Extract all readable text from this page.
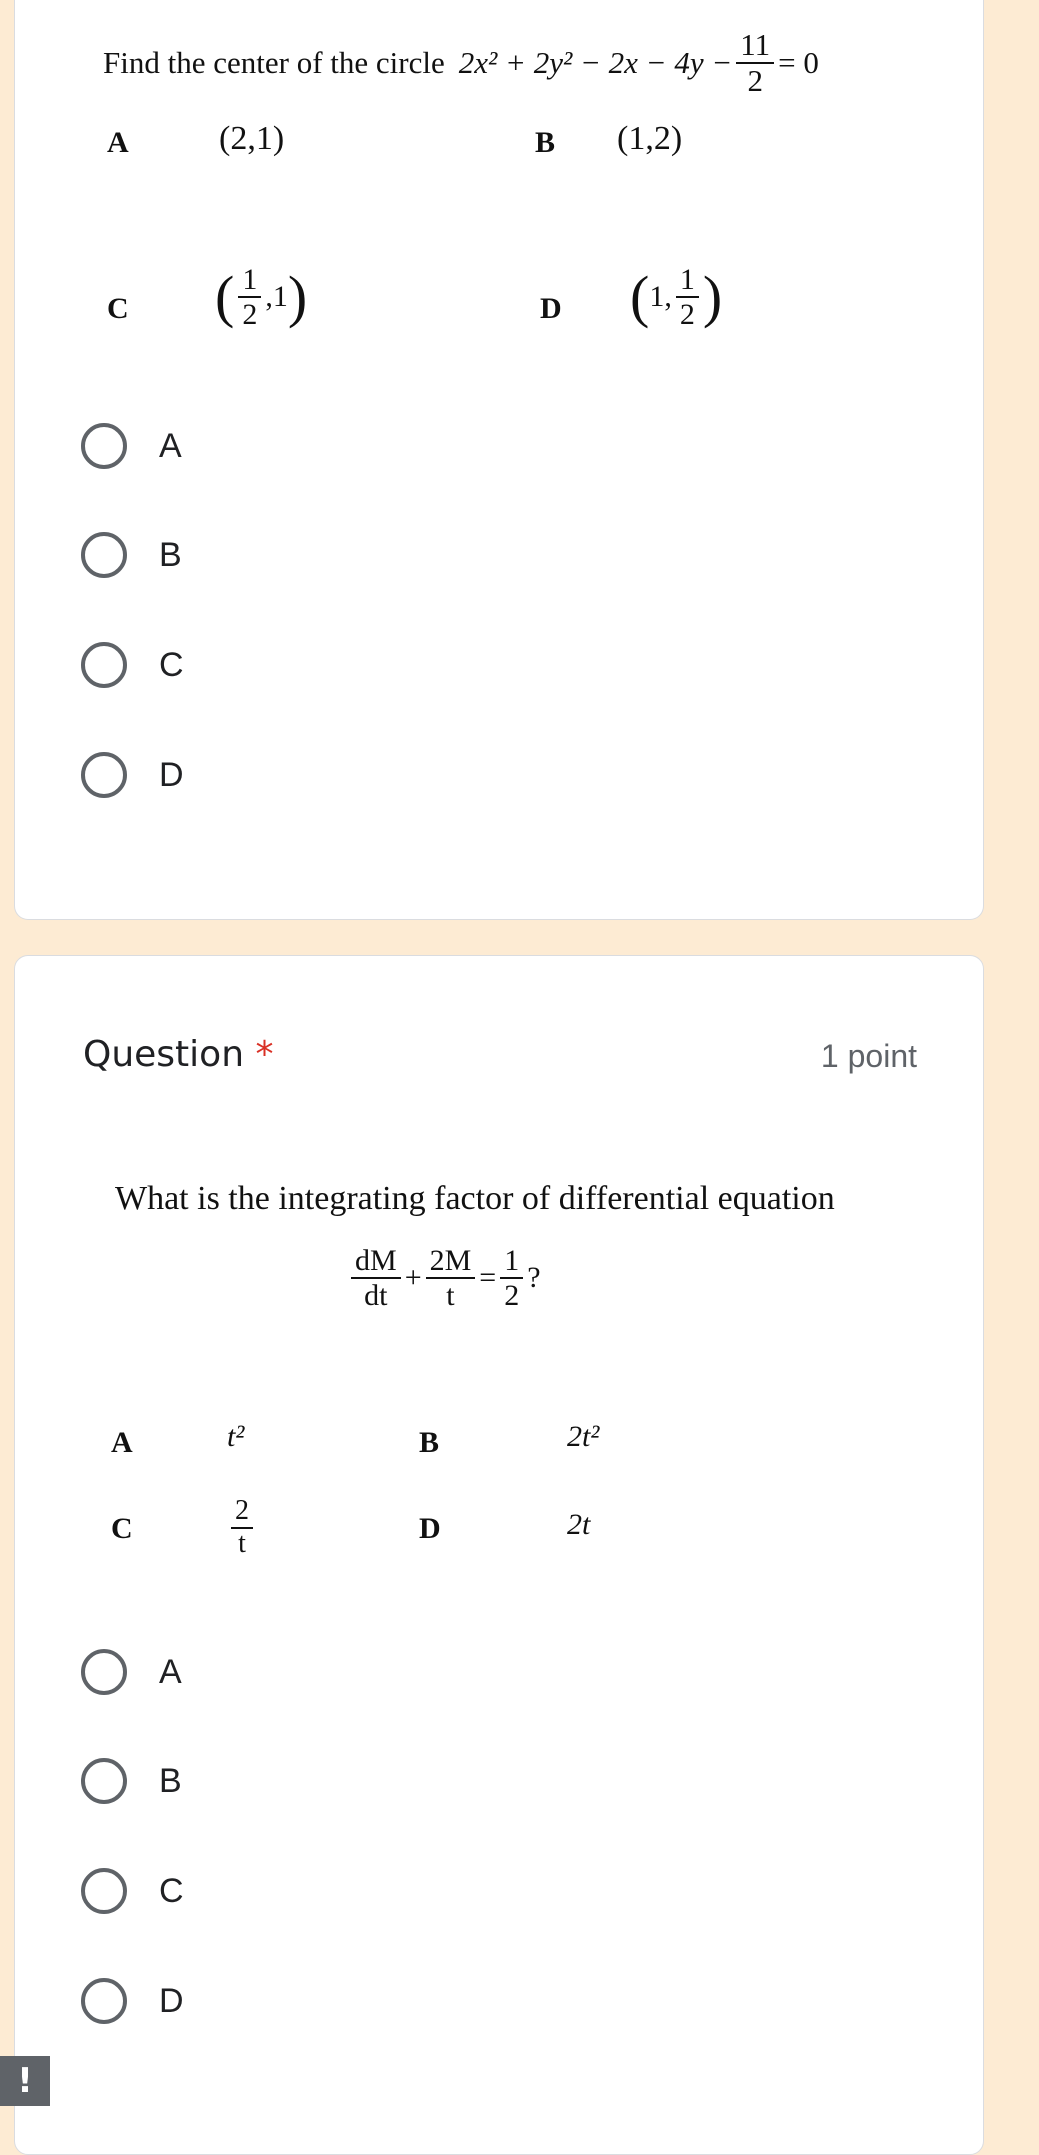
Find the center of the circle $2x^2 + 2y^2 - 2x - 4y - \frac{11}{2} = 0$
A	(2,1)	B (1,2)
C ( $\frac{1}{2} ,1$ )	D ( 1, $\frac{1}{2}$ )
A
B
C
D
Question *	1 point
What is the integrating factor of differential equation
$\frac{dM}{dt} + \frac{2M}{t} = \frac{1}{2}$ ?
A	t²	B	2t²
C	$\frac{2}{t}$	D	2t
A
B
C
D
!
